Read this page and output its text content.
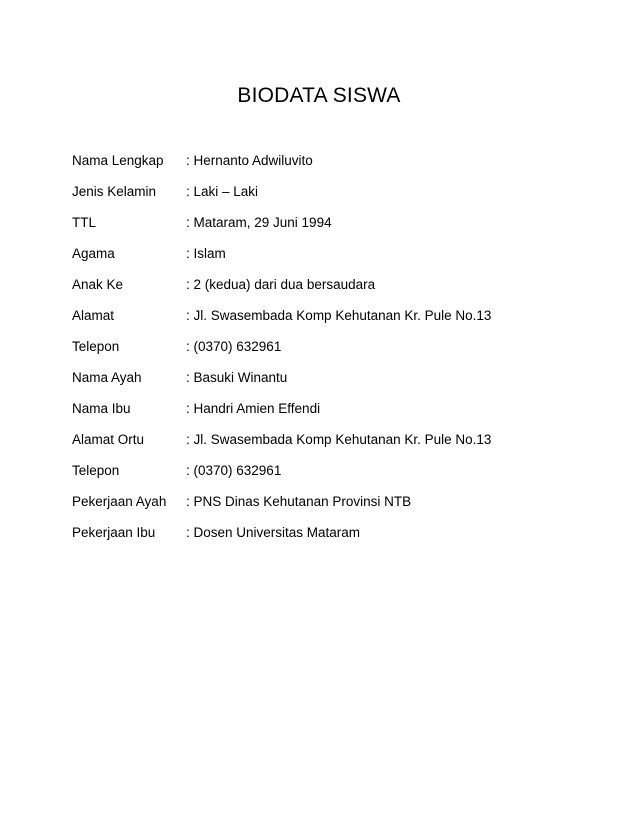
BIODATA SISWA
Nama Lengkap : Hernanto Adwiluvito
Jenis Kelamin : Laki – Laki
TTL	: Mataram, 29 Juni 1994
Agama	: Islam
Anak Ke	: 2 (kedua) dari dua bersaudara
Alamat	: Jl. Swasembada Komp Kehutanan Kr. Pule No.13
Telepon	: (0370) 632961
Nama Ayah	: Basuki Winantu
Nama Ibu	: Handri Amien Effendi
Alamat Ortu	: Jl. Swasembada Komp Kehutanan Kr. Pule No.13
Telepon	: (0370) 632961
Pekerjaan Ayah : PNS Dinas Kehutanan Provinsi NTB
Pekerjaan Ibu : Dosen Universitas Mataram
